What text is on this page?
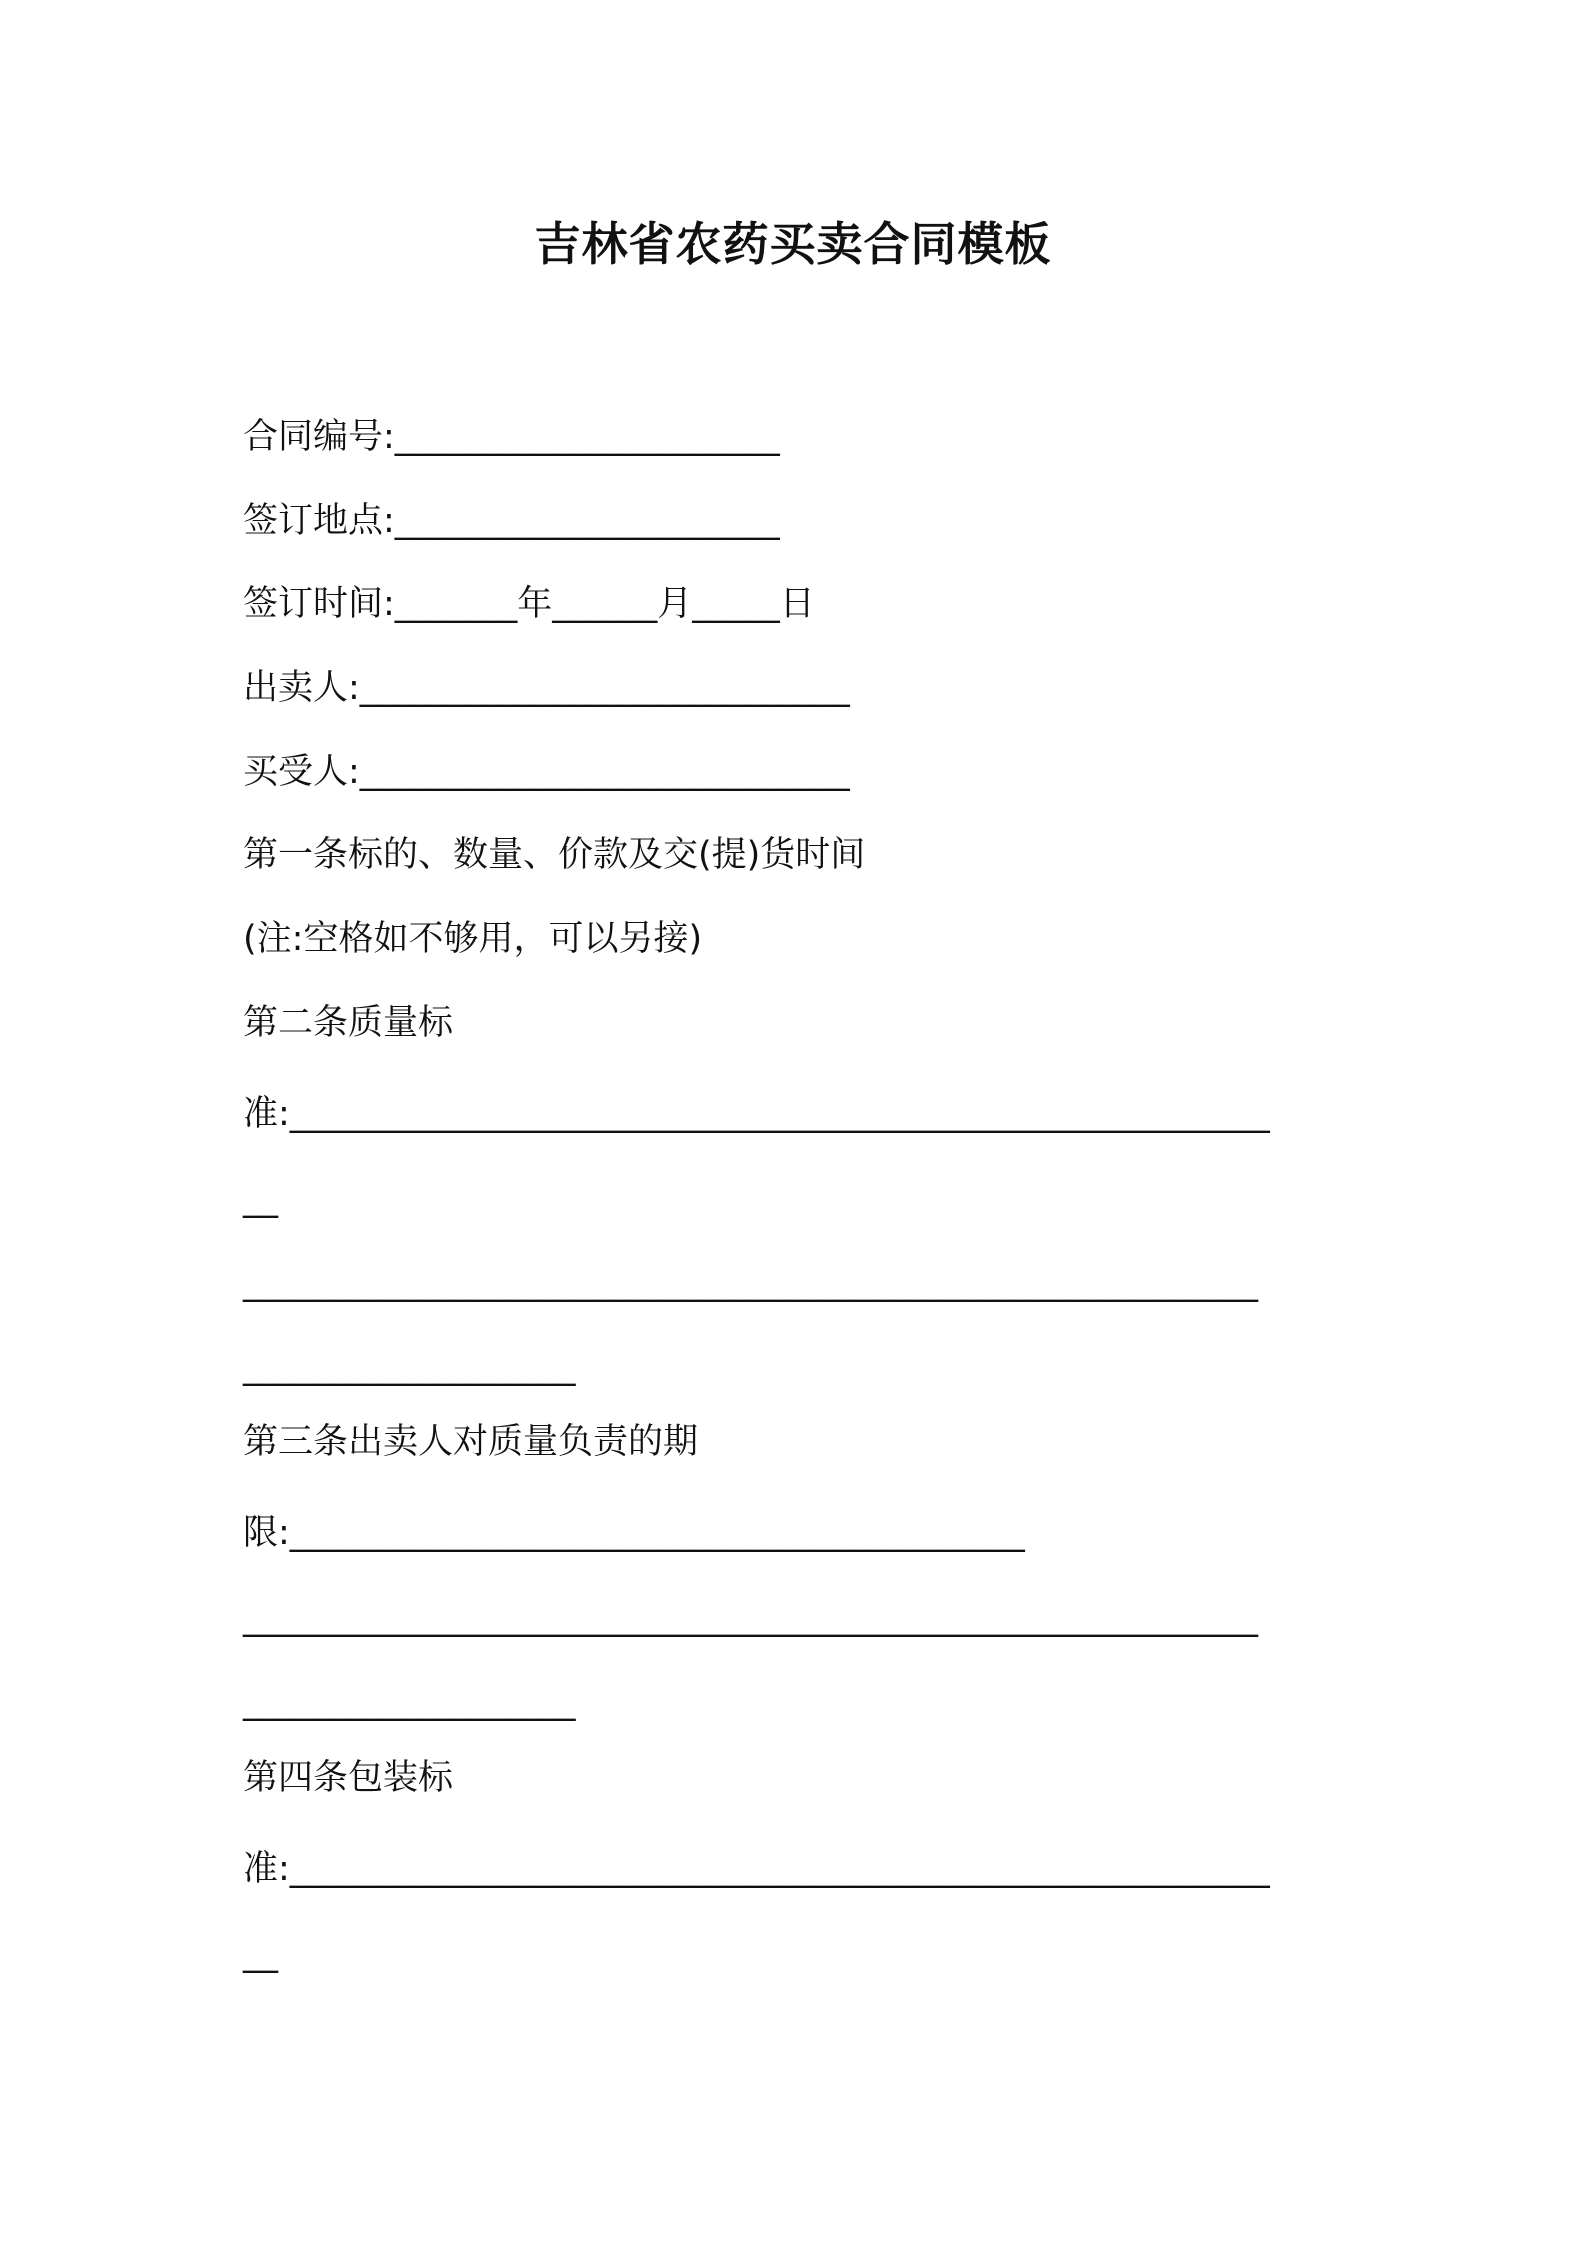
吉林省农药买卖合同模板
合同编号:______________________
签订地点:______________________
签订时间:_______年______月_____日
出卖人:____________________________
买受人:____________________________
第一条标的、数量、价款及交(提)货时间
(注:空格如不够用，可以另接)
第二条质量标
准:________________________________________________________
__
__________________________________________________________
___________________
第三条出卖人对质量负责的期
限:__________________________________________
__________________________________________________________
___________________
第四条包装标
准:________________________________________________________
__
